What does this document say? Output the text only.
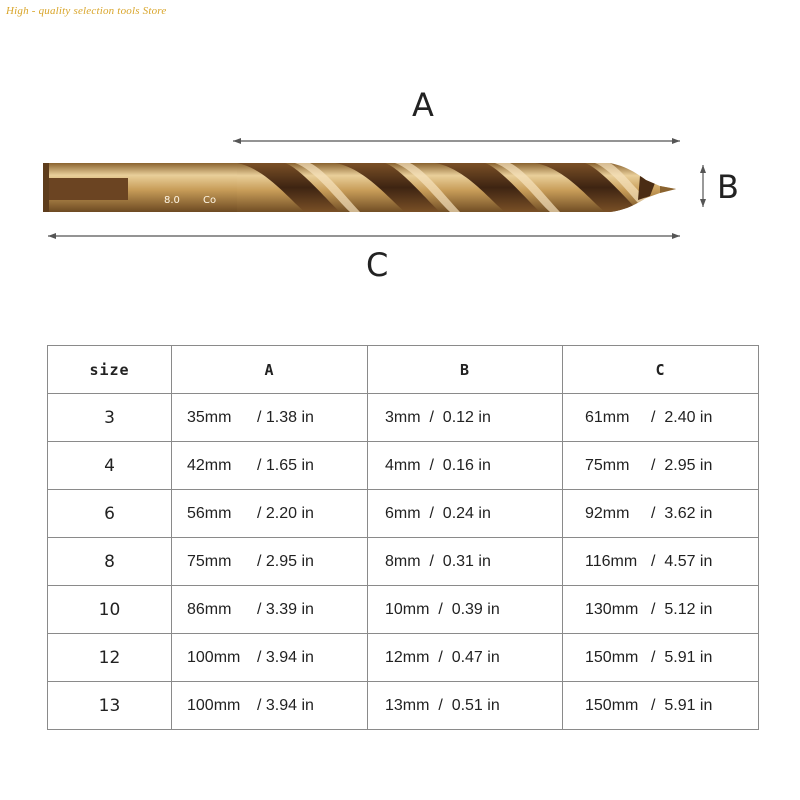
High - quality selection tools Store
8.0 Co
A
B
C
size	A	B	C
3	35mm / 1.38 in	3mm  /  0.12 in	61mm /  2.40 in
4	42mm / 1.65 in	4mm  /  0.16 in	75mm /  2.95 in
6	56mm / 2.20 in	6mm  /  0.24 in	92mm /  3.62 in
8	75mm / 2.95 in	8mm  /  0.31 in	116mm /  4.57 in
10	86mm / 3.39 in	10mm  /  0.39 in	130mm /  5.12 in
12	100mm / 3.94 in	12mm  /  0.47 in	150mm /  5.91 in
13	100mm / 3.94 in	13mm  /  0.51 in	150mm /  5.91 in
